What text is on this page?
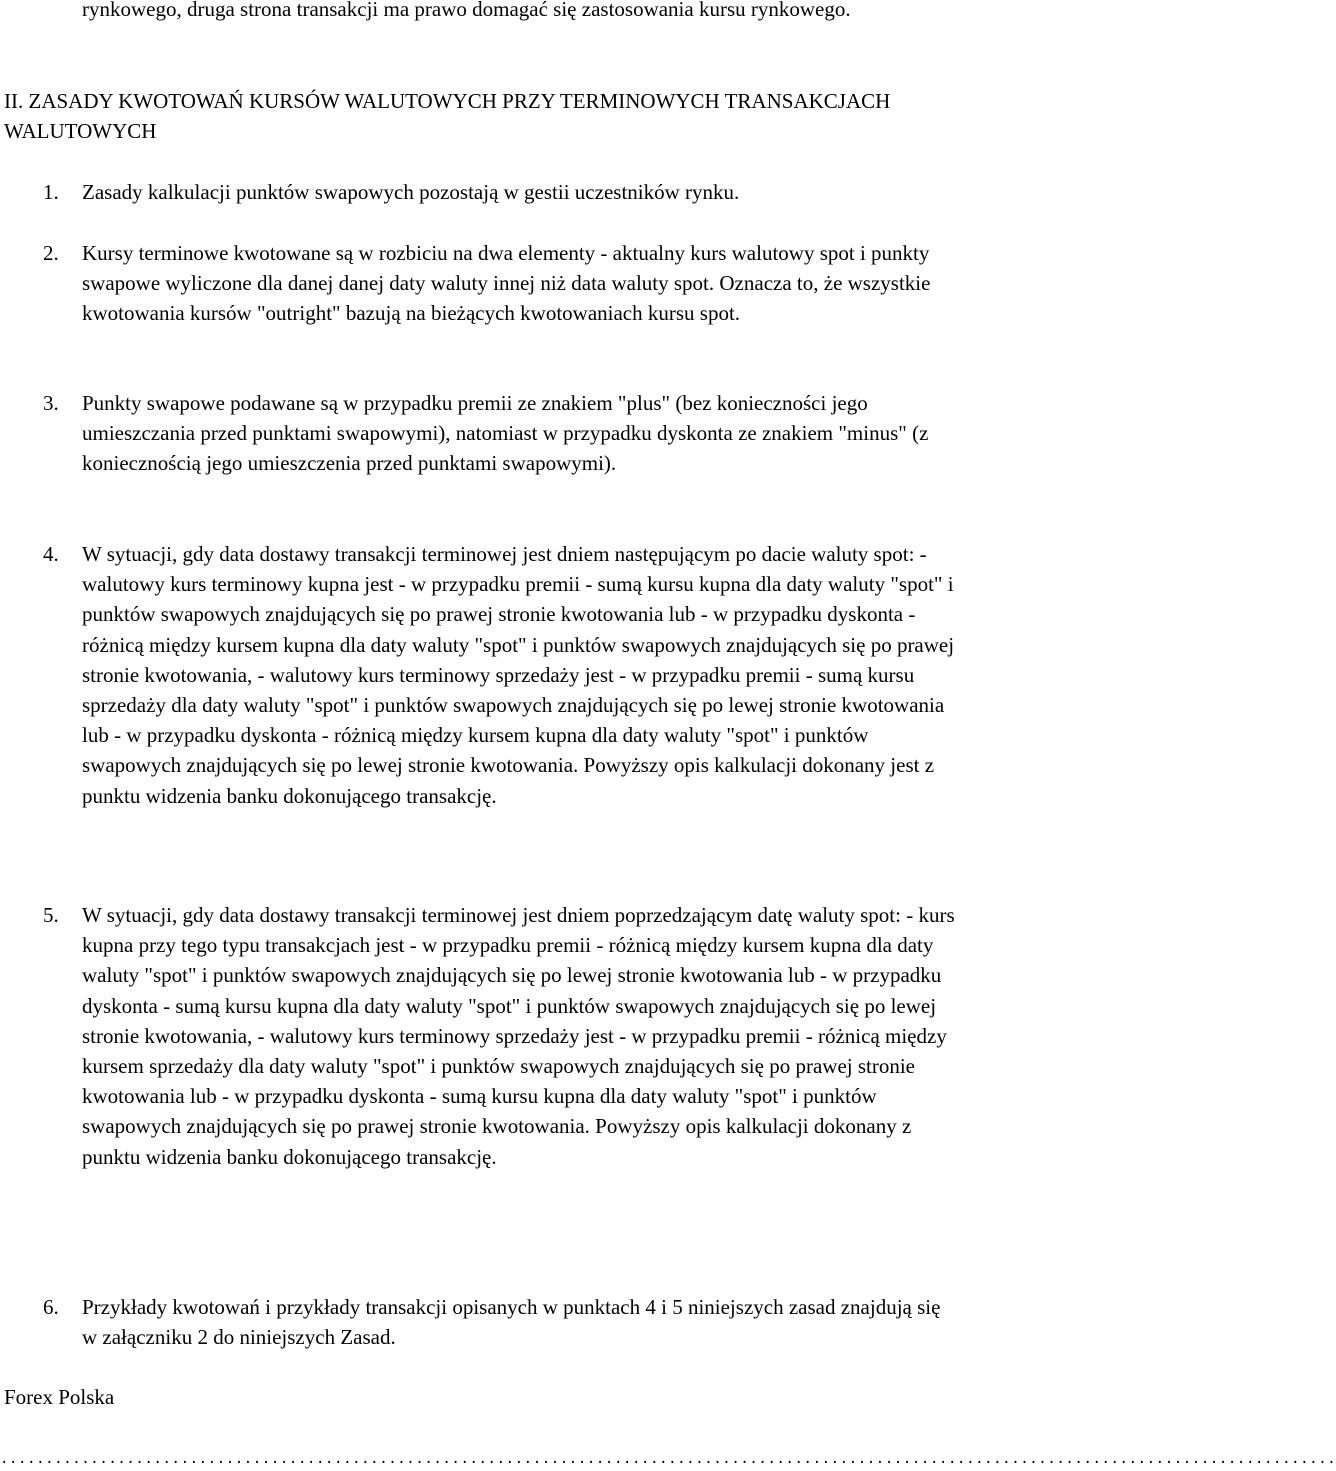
rynkowego, druga strona transakcji ma prawo domagać się zastosowania kursu rynkowego.

II. ZASADY KWOTOWAŃ KURSÓW WALUTOWYCH PRZY TERMINOWYCH TRANSAKCJACH WALUTOWYCH
1.	Zasady kalkulacji punktów swapowych pozostają w gestii uczestników rynku.

2.	Kursy terminowe kwotowane są w rozbiciu na dwa elementy - aktualny kurs walutowy spot i punkty swapowe wyliczone dla danej danej daty waluty innej niż data waluty spot. Oznacza to, że wszystkie kwotowania kursów "outright" bazują na bieżących kwotowaniach kursu spot.

3.	Punkty swapowe podawane są w przypadku premii ze znakiem "plus" (bez konieczności jego umieszczania przed punktami swapowymi), natomiast w przypadku dyskonta ze znakiem "minus" (z koniecznością jego umieszczenia przed punktami swapowymi).

4.	W sytuacji, gdy data dostawy transakcji terminowej jest dniem następującym po dacie waluty spot: - walutowy kurs terminowy kupna jest - w przypadku premii - sumą kursu kupna dla daty waluty "spot" i punktów swapowych znajdujących się po prawej stronie kwotowania lub - w przypadku dyskonta - różnicą między kursem kupna dla daty waluty "spot" i punktów swapowych znajdujących się po prawej stronie kwotowania, - walutowy kurs terminowy sprzedaży jest - w przypadku premii - sumą kursu sprzedaży dla daty waluty "spot" i punktów swapowych znajdujących się po lewej stronie kwotowania lub - w przypadku dyskonta - różnicą między kursem kupna dla daty waluty "spot" i punktów swapowych znajdujących się po lewej stronie kwotowania. Powyższy opis kalkulacji dokonany jest z punktu widzenia banku dokonującego transakcję.

5.	W sytuacji, gdy data dostawy transakcji terminowej jest dniem poprzedzającym datę waluty spot: - kurs kupna przy tego typu transakcjach jest - w przypadku premii - różnicą między kursem kupna dla daty waluty "spot" i punktów swapowych znajdujących się po lewej stronie kwotowania lub - w przypadku dyskonta - sumą kursu kupna dla daty waluty "spot" i punktów swapowych znajdujących się po lewej stronie kwotowania, - walutowy kurs terminowy sprzedaży jest - w przypadku premii - różnicą między kursem sprzedaży dla daty waluty "spot" i punktów swapowych znajdujących się po prawej stronie kwotowania lub - w przypadku dyskonta - sumą kursu kupna dla daty waluty "spot" i punktów swapowych znajdujących się po prawej stronie kwotowania. Powyższy opis kalkulacji dokonany z punktu widzenia banku dokonującego transakcję.

6.	Przykłady kwotowań i przykłady transakcji opisanych w punktach 4 i 5 niniejszych zasad znajdują się w załączniku 2 do niniejszych Zasad.

Forex Polska

....................................................................................................................................................
